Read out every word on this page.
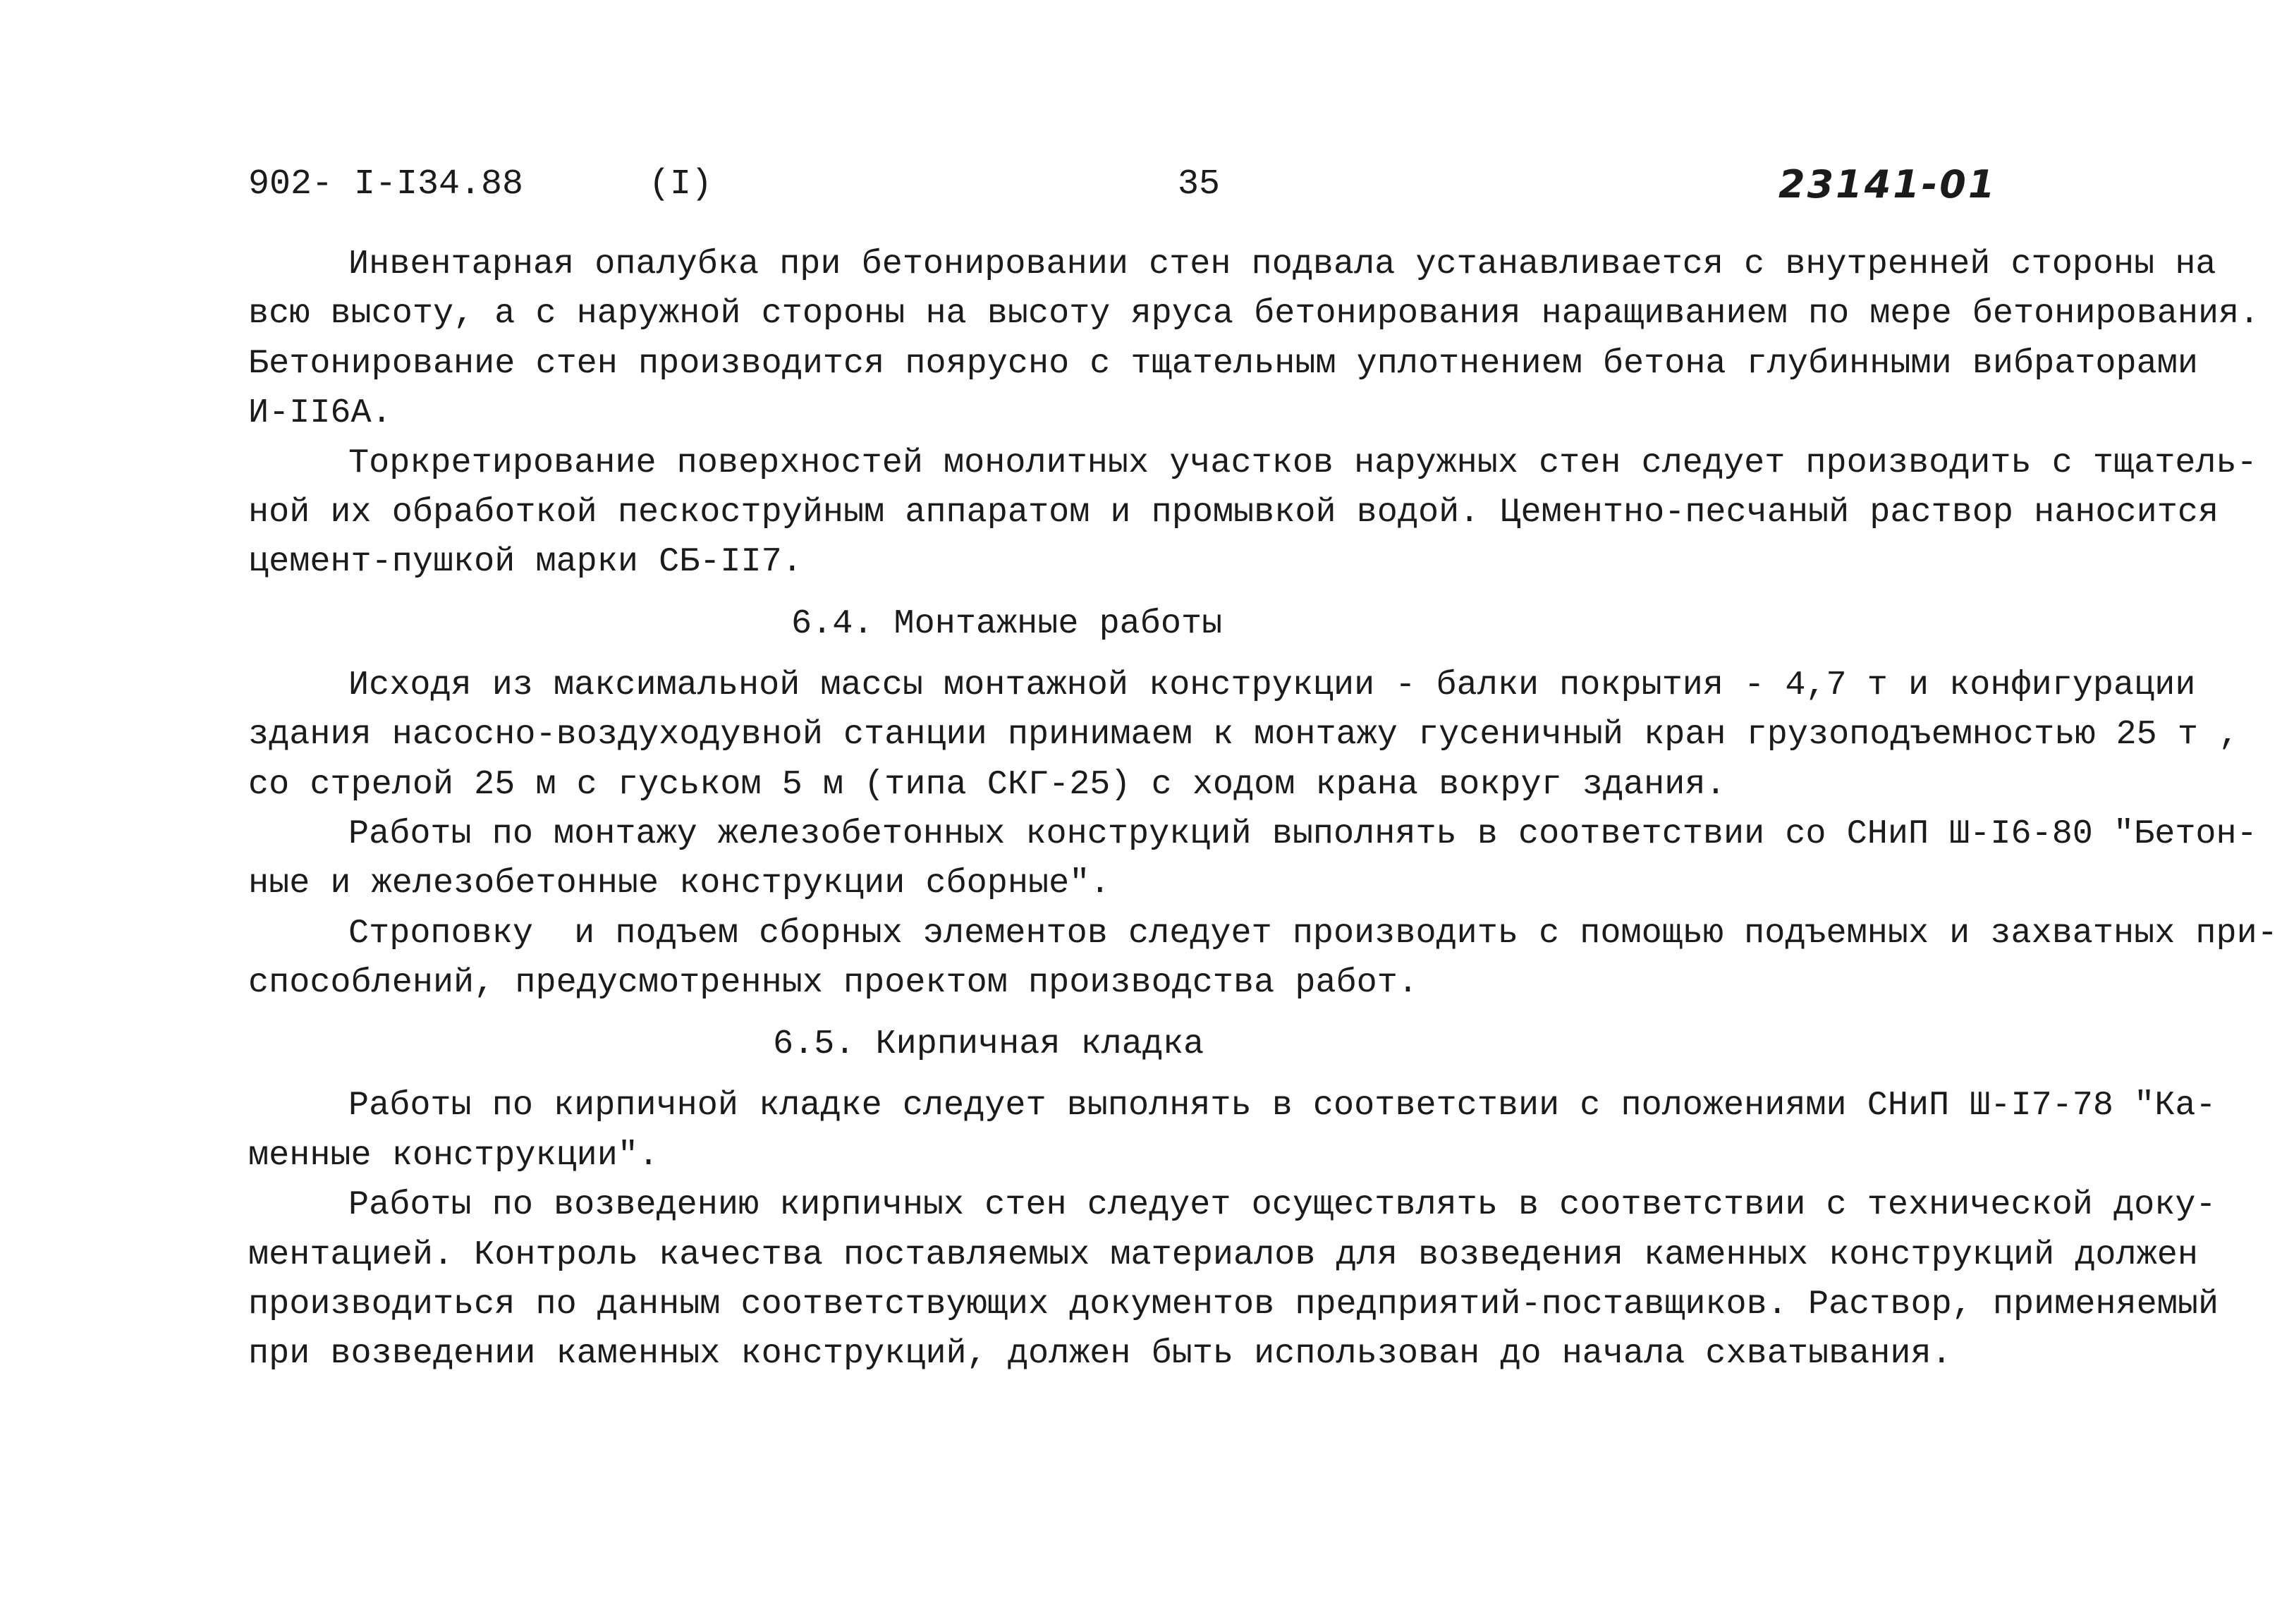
902- I-I34.88	(I)	35	23141-01
Инвентарная опалубка при бетонировании стен подвала устанавливается с внутренней стороны на
всю высоту, а с наружной стороны на высоту яруса бетонирования наращиванием по мере бетонирования.
Бетонирование стен производится поярусно с тщательным уплотнением бетона глубинными вибраторами
И-II6А.
Торкретирование поверхностей монолитных участков наружных стен следует производить с тщатель-
ной их обработкой пескоструйным аппаратом и промывкой водой. Цементно-песчаный раствор наносится
цемент-пушкой марки СБ-II7.
6.4. Монтажные работы
Исходя из максимальной массы монтажной конструкции - балки покрытия - 4,7 т и конфигурации
здания насосно-воздуходувной станции принимаем к монтажу гусеничный кран грузоподъемностью 25 т ,
со стрелой 25 м с гуськом 5 м (типа СКГ-25) с ходом крана вокруг здания.
Работы по монтажу железобетонных конструкций выполнять в соответствии со СНиП Ш-I6-80 "Бетон-
ные и железобетонные конструкции сборные".
Строповку  и подъем сборных элементов следует производить с помощью подъемных и захватных при-
способлений, предусмотренных проектом производства работ.
6.5. Кирпичная кладка
Работы по кирпичной кладке следует выполнять в соответствии с положениями СНиП Ш-I7-78 "Ка-
менные конструкции".
Работы по возведению кирпичных стен следует осуществлять в соответствии с технической доку-
ментацией. Контроль качества поставляемых материалов для возведения каменных конструкций должен
производиться по данным соответствующих документов предприятий-поставщиков. Раствор, применяемый
при возведении каменных конструкций, должен быть использован до начала схватывания.
